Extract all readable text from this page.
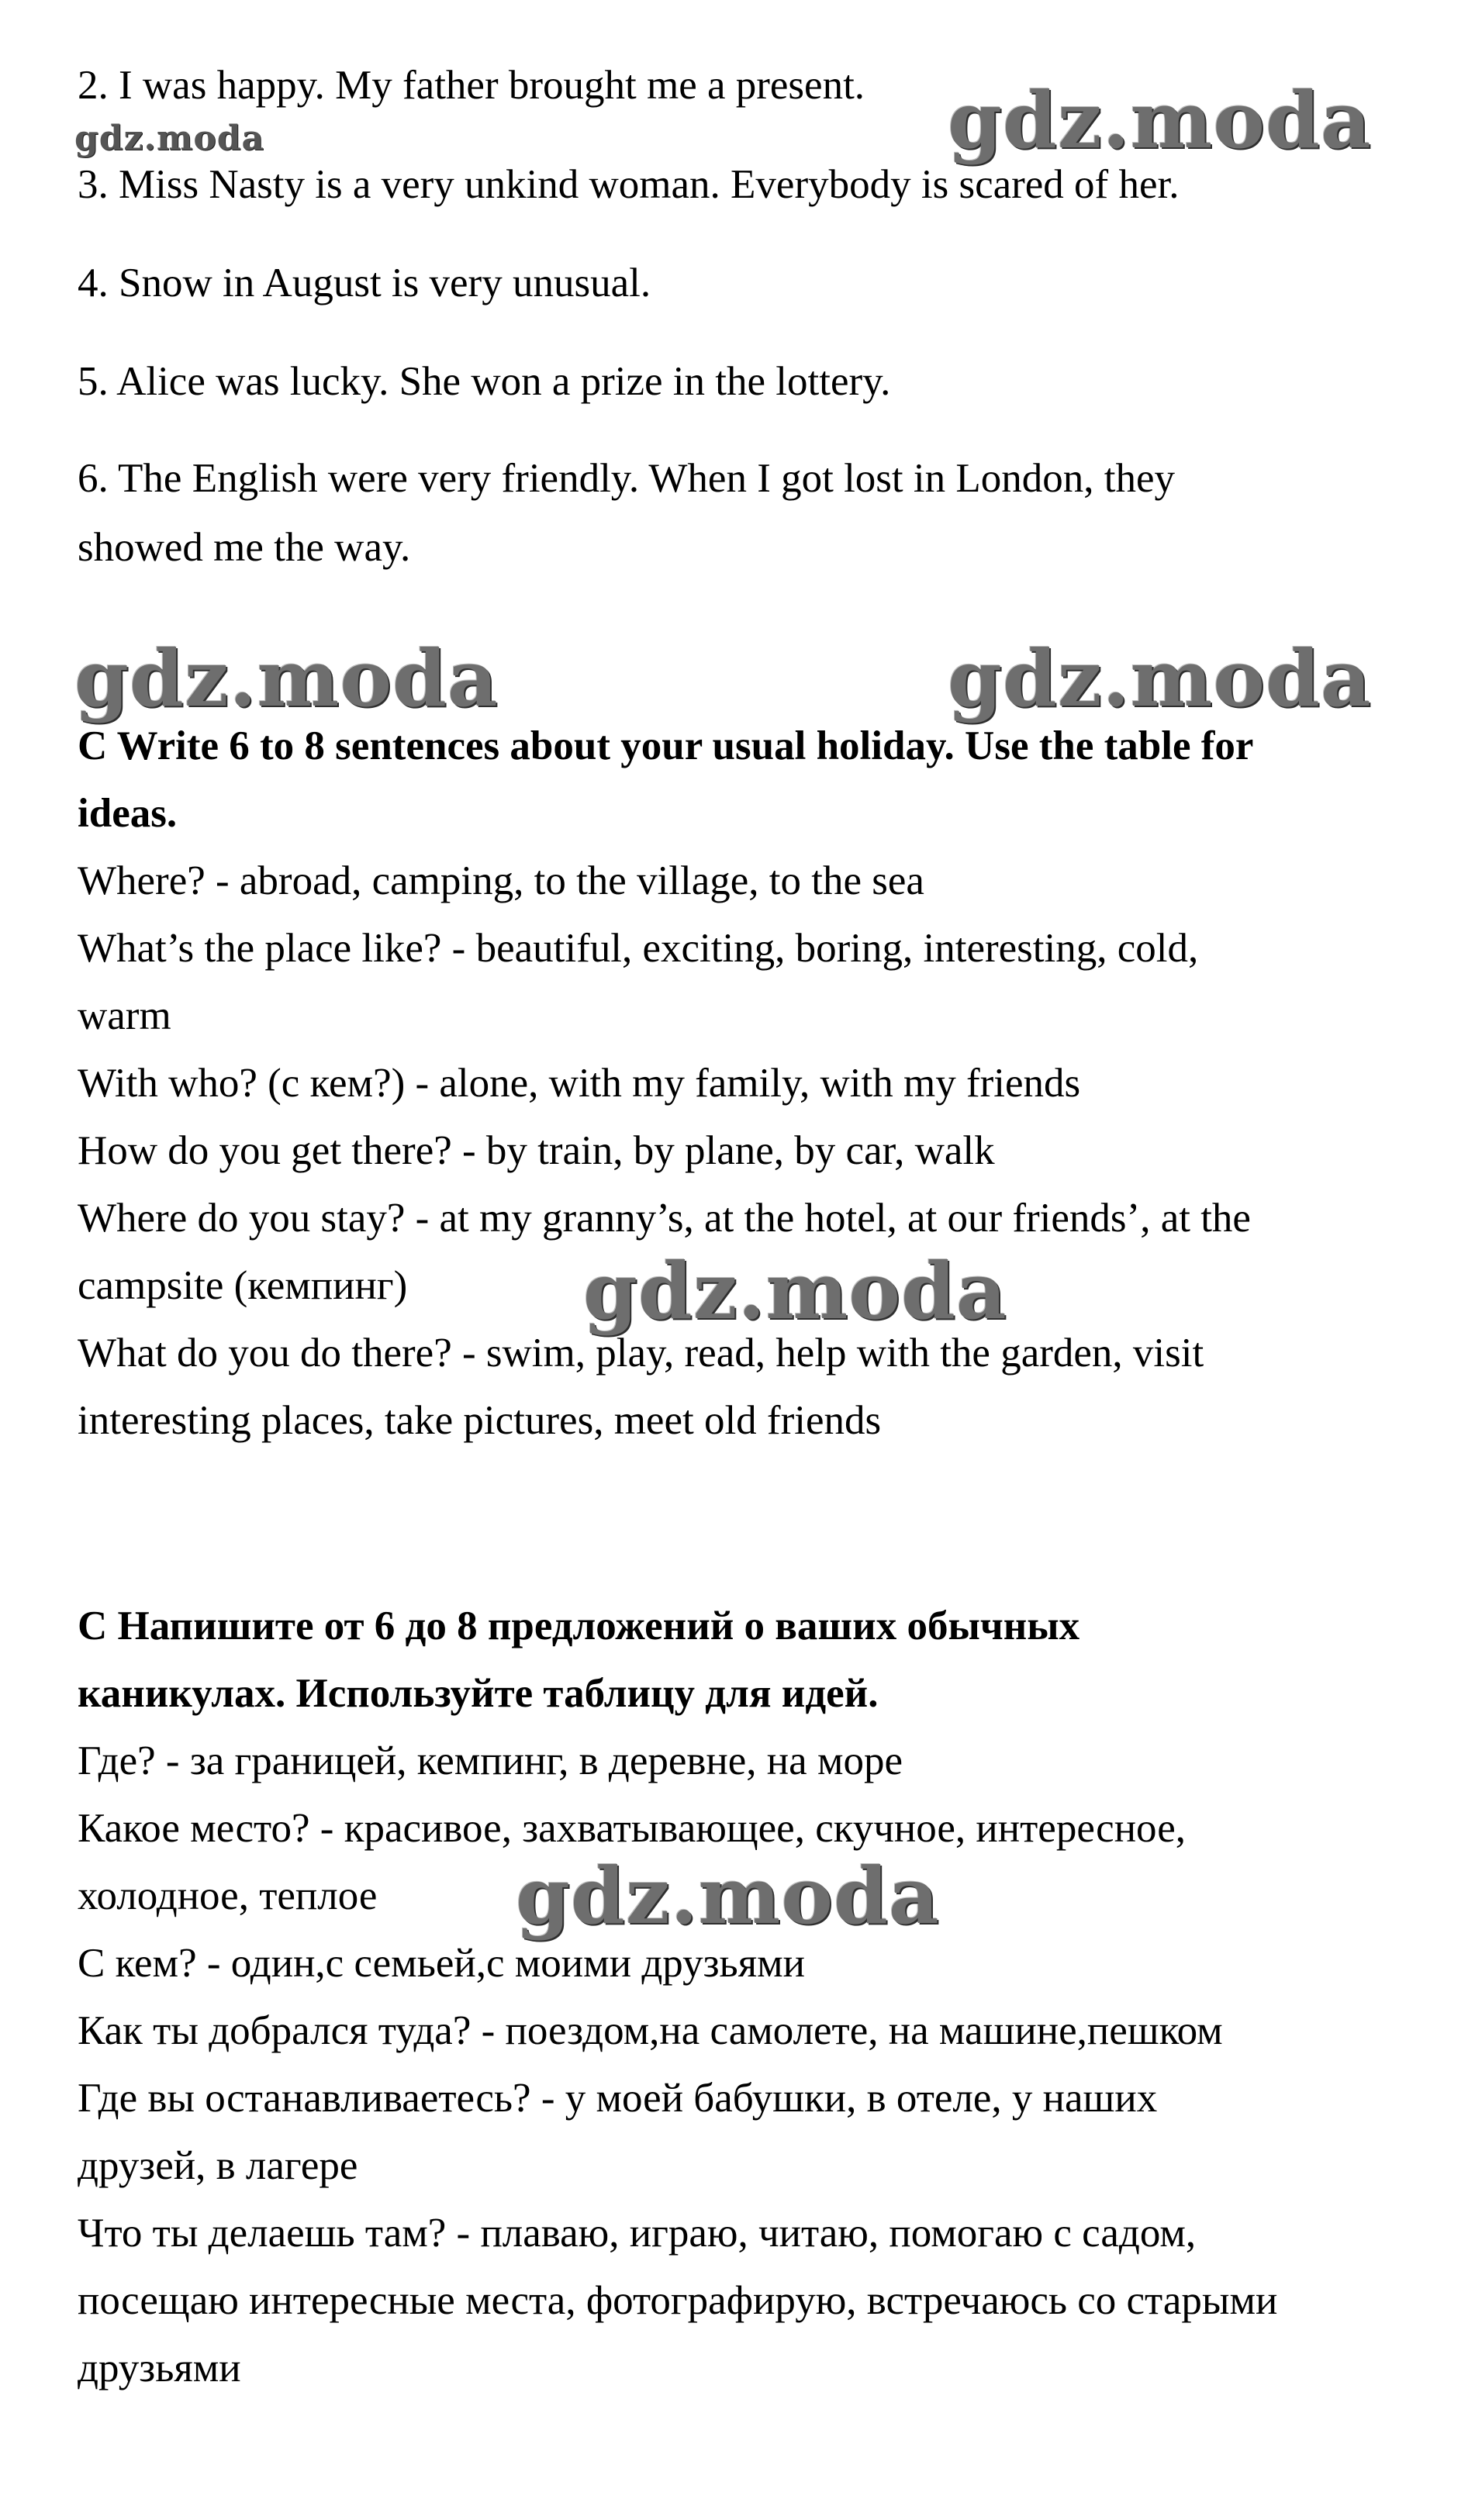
2. I was happy. My father brought me a present.
3. Miss Nasty is a very unkind woman. Everybody is scared of her.
4. Snow in August is very unusual.
5. Alice was lucky. She won a prize in the lottery.
6. The English were very friendly. When I got lost in London, they
showed me the way.
C Write 6 to 8 sentences about your usual holiday. Use the table for
ideas.
Where? - abroad, camping, to the village, to the sea
What’s the place like? - beautiful, exciting, boring, interesting, cold,
warm
With who? (с кем?) - alone, with my family, with my friends
How do you get there? - by train, by plane, by car, walk
Where do you stay? - at my granny’s, at the hotel, at our friends’, at the
campsite (кемпинг)
What do you do there? - swim, play, read, help with the garden, visit
interesting places, take pictures, meet old friends
С Напишите от 6 до 8 предложений о ваших обычных
каникулах. Используйте таблицу для идей.
Где? - за границей, кемпинг, в деревне, на море
Какое место? - красивое, захватывающее, скучное, интересное,
холодное, теплое
С кем? - один,с семьей,с моими друзьями
Как ты добрался туда? - поездом,на самолете, на машине,пешком
Где вы останавливаетесь? - у моей бабушки, в отеле, у наших
друзей, в лагере
Что ты делаешь там? - плаваю, играю, читаю, помогаю с садом,
посещаю интересные места, фотографирую, встречаюсь со старыми
друзьями
gdz.moda	gdz.moda
gdz.moda	gdz.moda
gdz.moda
gdz.moda
